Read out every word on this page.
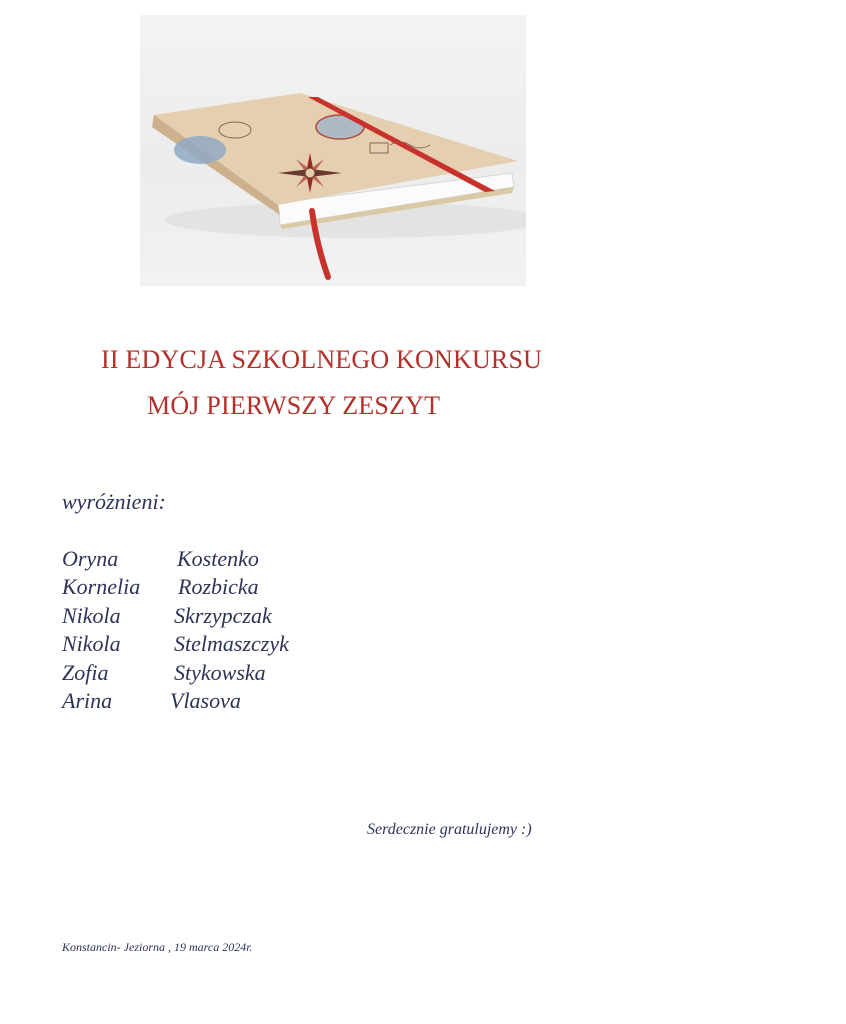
II EDYCJA SZKOLNEGO KONKURSU
MÓJ PIERWSZY ZESZYT

wyróżnieni:

Oryna	Kostenko
Kornelia Rozbicka
Nikola Skrzypczak
Nikola Stelmaszczyk
Zofia	Stykowska
Arina	Vlasova

Serdecznie gratulujemy :)

Konstancin- Jeziorna , 19 marca 2024r.
